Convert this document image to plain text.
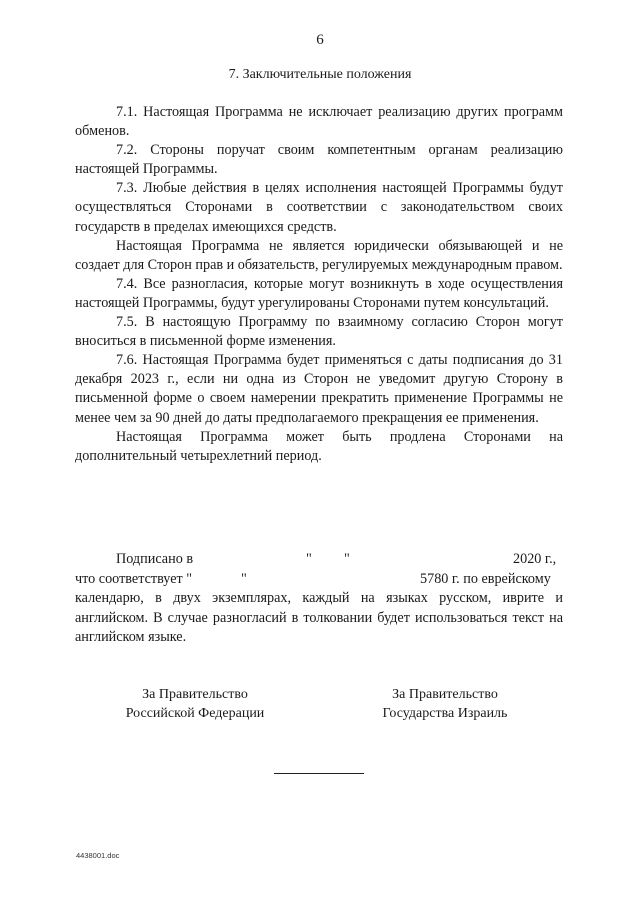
6
7. Заключительные положения

7.1. Настоящая Программа не исключает реализацию других программ обменов.

7.2. Стороны поручат своим компетентным органам реализацию настоящей Программы.

7.3. Любые действия в целях исполнения настоящей Программы будут осуществляться Сторонами в соответствии с законодательством своих государств в пределах имеющихся средств.

Настоящая Программа не является юридически обязывающей и не создает для Сторон прав и обязательств, регулируемых международным правом.

7.4. Все разногласия, которые могут возникнуть в ходе осуществления настоящей Программы, будут урегулированы Сторонами путем консультаций.

7.5. В настоящую Программу по взаимному согласию Сторон могут вноситься в письменной форме изменения.

7.6. Настоящая Программа будет применяться с даты подписания до 31 декабря 2023 г., если ни одна из Сторон не уведомит другую Сторону в письменной форме о своем намерении прекратить применение Программы не менее чем за 90 дней до даты предполагаемого прекращения ее применения.

Настоящая Программа может быть продлена Сторонами на дополнительный четырехлетний период.

Подписано в	" "	2020 г.,
что соответствует "	"	5780 г. по еврейскому

календарю, в двух экземплярах, каждый на языках русском, иврите и английском. В случае разногласий в толковании будет использоваться текст на английском языке.

За Правительство
Российской Федерации
За Правительство
Государства Израиль
4438001.doc
